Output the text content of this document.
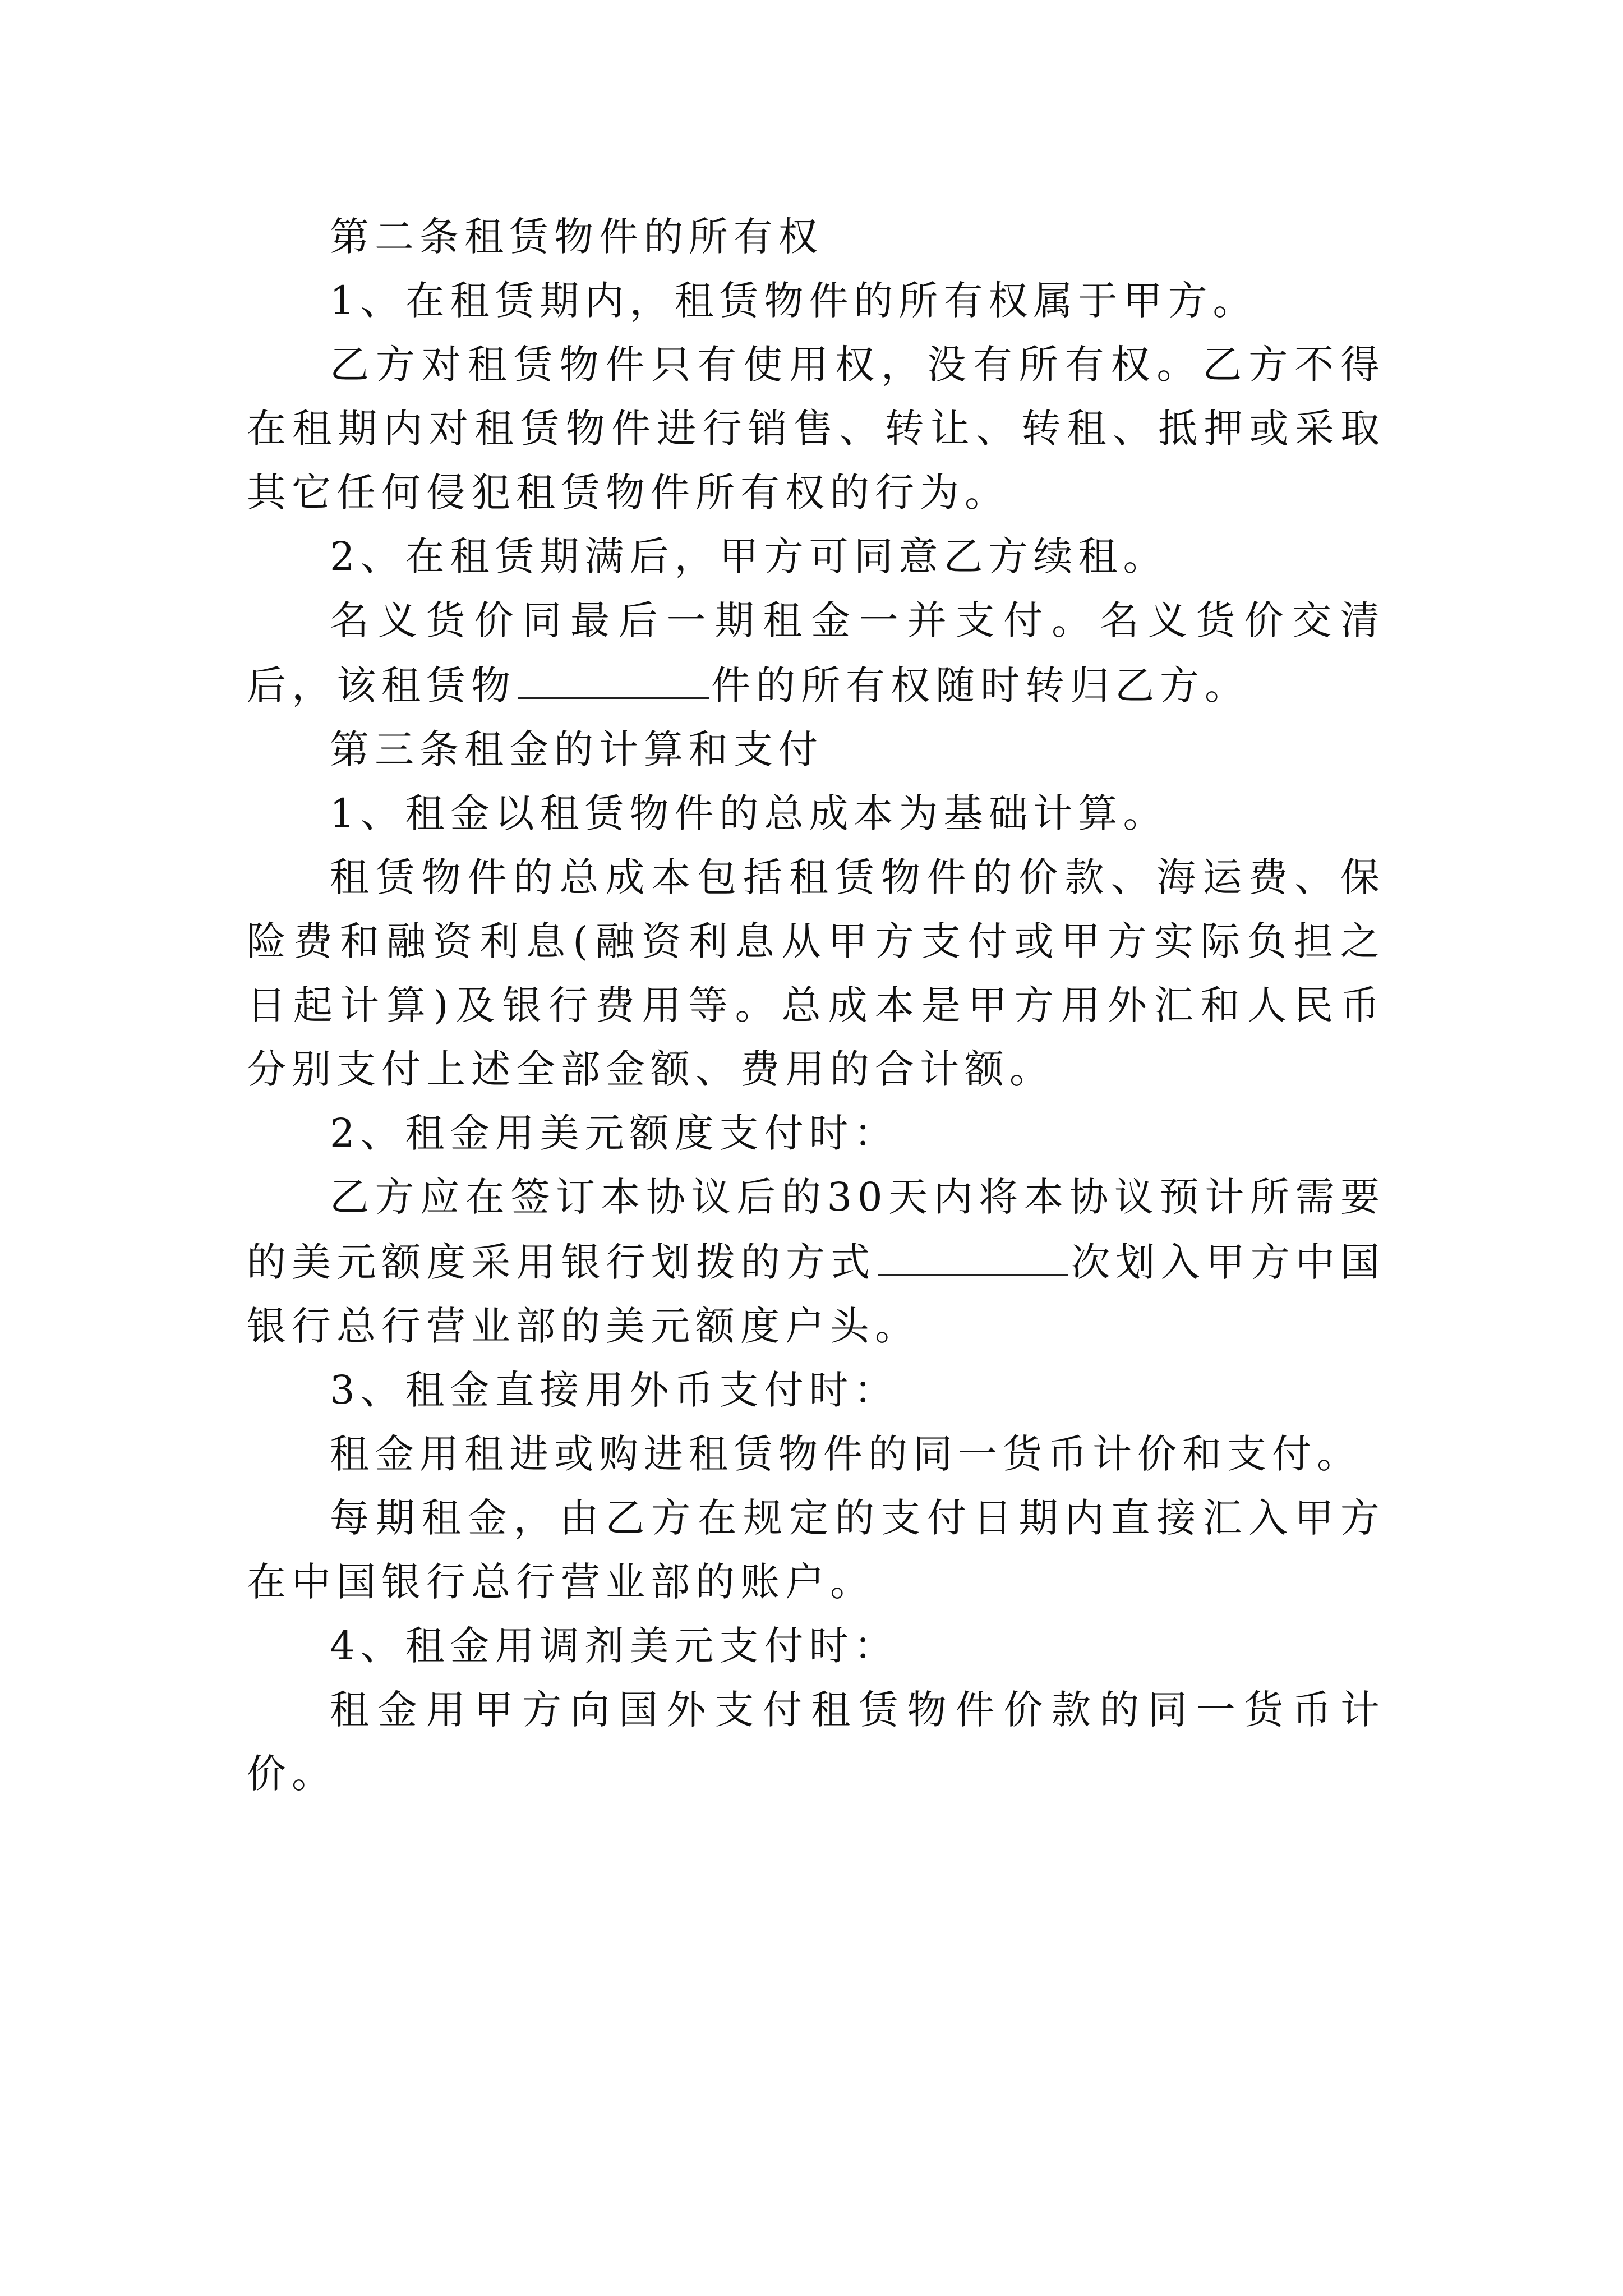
第二条租赁物件的所有权

1、在租赁期内，租赁物件的所有权属于甲方。

乙方对租赁物件只有使用权，没有所有权。乙方不得在租期内对租赁物件进行销售、转让、转租、抵押或采取其它任何侵犯租赁物件所有权的行为。

2、在租赁期满后，甲方可同意乙方续租。

名义货价同最后一期租金一并支付。名义货价交清后，该租赁物	件的所有权随时转归乙方。

第三条租金的计算和支付

1、租金以租赁物件的总成本为基础计算。

租赁物件的总成本包括租赁物件的价款、海运费、保险费和融资利息(融资利息从甲方支付或甲方实际负担之日起计算)及银行费用等。总成本是甲方用外汇和人民币分别支付上述全部金额、费用的合计额。

2、租金用美元额度支付时：

乙方应在签订本协议后的30天内将本协议预计所需要的美元额度采用银行划拨的方式	次划入甲方中国银行总行营业部的美元额度户头。

3、租金直接用外币支付时：

租金用租进或购进租赁物件的同一货币计价和支付。

每期租金，由乙方在规定的支付日期内直接汇入甲方在中国银行总行营业部的账户。

4、租金用调剂美元支付时：

租金用甲方向国外支付租赁物件价款的同一货币计价。
